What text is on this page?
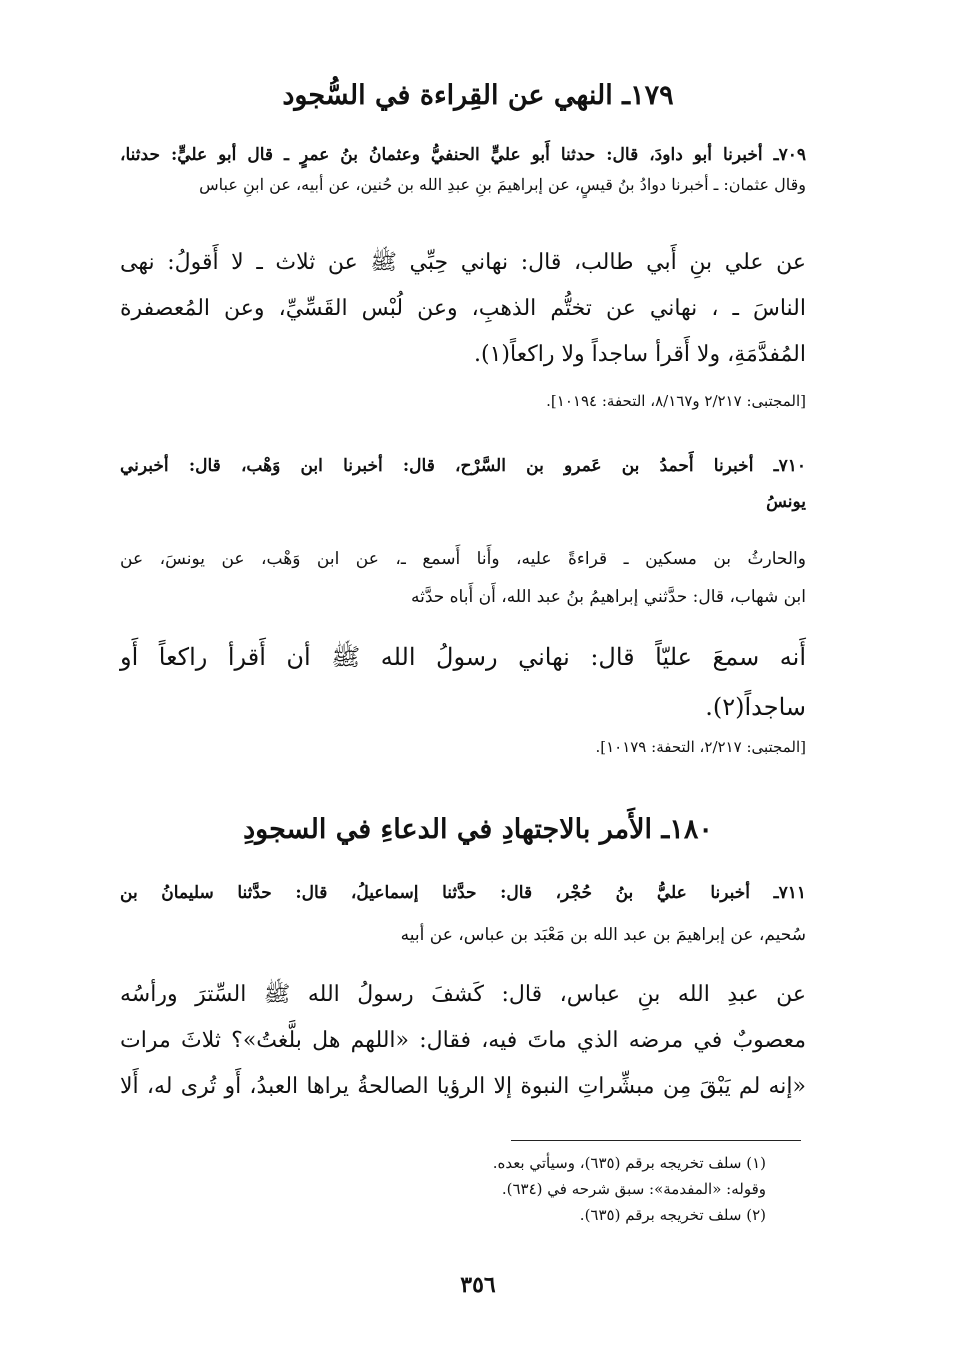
١٧٩ـ النهي عن القِراءة في السُّجود
٧٠٩ـ أخبرنا أبو داودَ، قال: حدثنا أَبو عليٍّ الحنفيُّ وعثمانُ بنُ عمرٍ ـ قال أبو عليٍّ: حدثنا،
وقال عثمان: ـ أخبرنا دوادُ بنُ قيسٍ، عن إبراهيمَ بنِ عبدِ الله بن حُنين، عن أبيه، عن ابنِ عباس
عن علي بنِ أَبي طالب، قال: نهاني حِبِّي ﷺ عن ثلاث ـ لا أَقولُ: نهى
الناسَ ـ ، نهاني عن تختُّم الذهبِ، وعن لُبْس القَسِّيِّ، وعن المُعصفرة
المُفدَّمَةِ، ولا أَقرأ ساجداً ولا راكعاً(١).
[المجتبى: ٢/٢١٧ و٨/١٦٧، التحفة: ١٠١٩٤].
٧١٠ـ أخبرنا أَحمدُ بن عَمرو بن السَّرْح، قال: أخبرنا ابن وَهْب، قال: أخبرني
يونسُ
والحارثُ بن مسكين ـ قراءةً عليه، وأَنا أَسمع ـ، عن ابن وَهْب، عن يونسَ، عن
ابن شهاب، قال: حدَّثني إبراهيمُ بنُ عبد الله، أَن أَباه حدَّثه
أَنه سمعَ عليّاً قال: نهاني رسولُ الله ﷺ أن أَقرأ راكعاً أَو
ساجداً(٢).
[المجتبى: ٢/٢١٧، التحفة: ١٠١٧٩].
١٨٠ـ الأَمر بالاجتهادِ في الدعاءِ في السجودِ
٧١١ـ أخبرنا عليُّ بنُ حُجْر، قال: حدَّثنا إسماعيلُ، قال: حدَّثنا سليمانُ بن
سُحيم، عن إبراهيمَ بن عبد الله بن مَعْبَد بن عباس، عن أبيه
عن عبدِ الله بنِ عباس، قال: كَشفَ رسولُ الله ﷺ السِّترَ ورأسُه
معصوبٌ في مرضه الذي ماتَ فيه، فقال: «اللهم هل بلَّغتُ»؟ ثلاثَ مرات
«إنه لم يَبْقَ مِن مبشِّراتِ النبوة إلا الرؤيا الصالحةُ يراها العبدُ، أَو تُرى له، أَلا
(١) سلف تخريجه برقم (٦٣٥)، وسيأتي بعده.
وقوله: «المفدمة»: سبق شرحه في (٦٣٤).
(٢) سلف تخريجه برقم (٦٣٥).
٣٥٦
